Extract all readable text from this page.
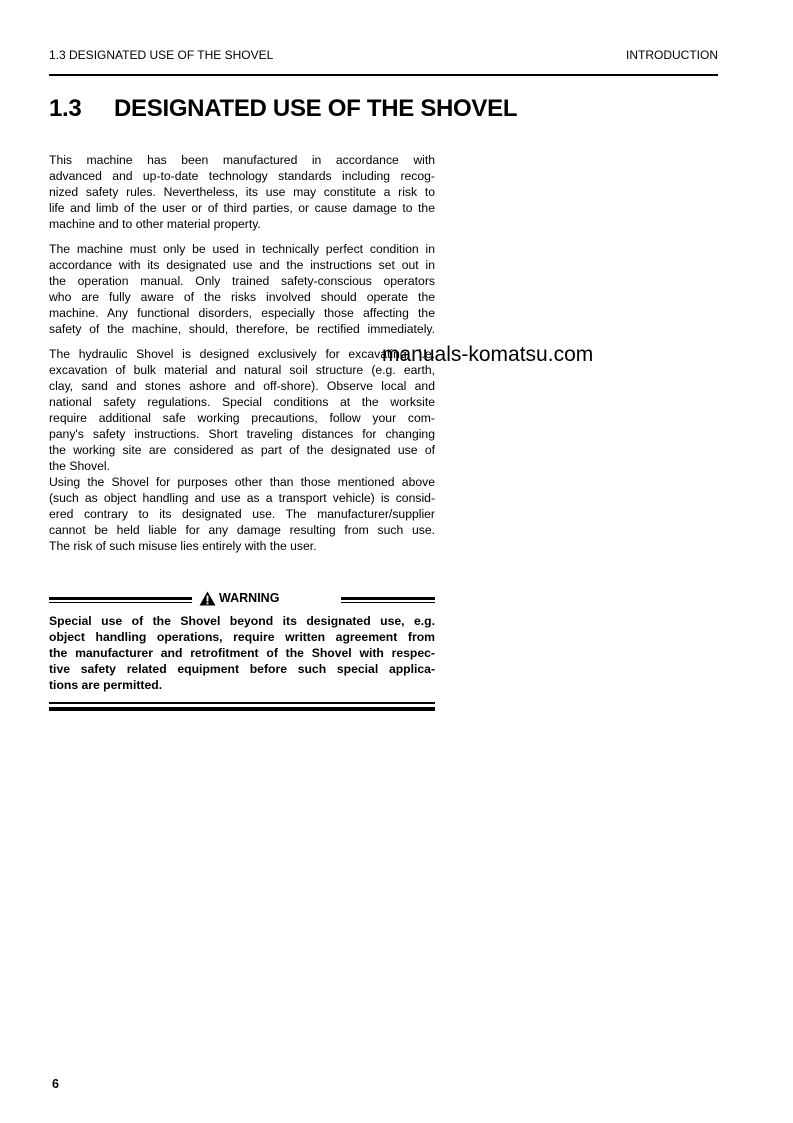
1.3 DESIGNATED USE OF THE SHOVEL	INTRODUCTION
1.3 DESIGNATED USE OF THE SHOVEL

This machine has been manufactured in accordance with
advanced and up-to-date technology standards including recog-
nized safety rules. Nevertheless, its use may constitute a risk to
life and limb of the user or of third parties, or cause damage to the
machine and to other material property.

The machine must only be used in technically perfect condition in
accordance with its designated use and the instructions set out in
the operation manual. Only trained safety-conscious operators
who are fully aware of the risks involved should operate the
machine. Any functional disorders, especially those affecting the
safety of the machine, should, therefore, be rectified immediately.

The hydraulic Shovel is designed exclusively for excavating, i.e.
excavation of bulk material and natural soil structure (e.g. earth,
clay, sand and stones ashore and off-shore). Observe local and
national safety regulations. Special conditions at the worksite
require additional safe working precautions, follow your com-
pany's safety instructions. Short traveling distances for changing
the working site are considered as part of the designated use of
the Shovel.

Using the Shovel for purposes other than those mentioned above
(such as object handling and use as a transport vehicle) is consid-
ered contrary to its designated use. The manufacturer/supplier
cannot be held liable for any damage resulting from such use.
The risk of such misuse lies entirely with the user.

manuals-komatsu.com
WARNING
Special use of the Shovel beyond its designated use, e.g.
object handling operations, require written agreement from
the manufacturer and retrofitment of the Shovel with respec-
tive safety related equipment before such special applica-
tions are permitted.
6
